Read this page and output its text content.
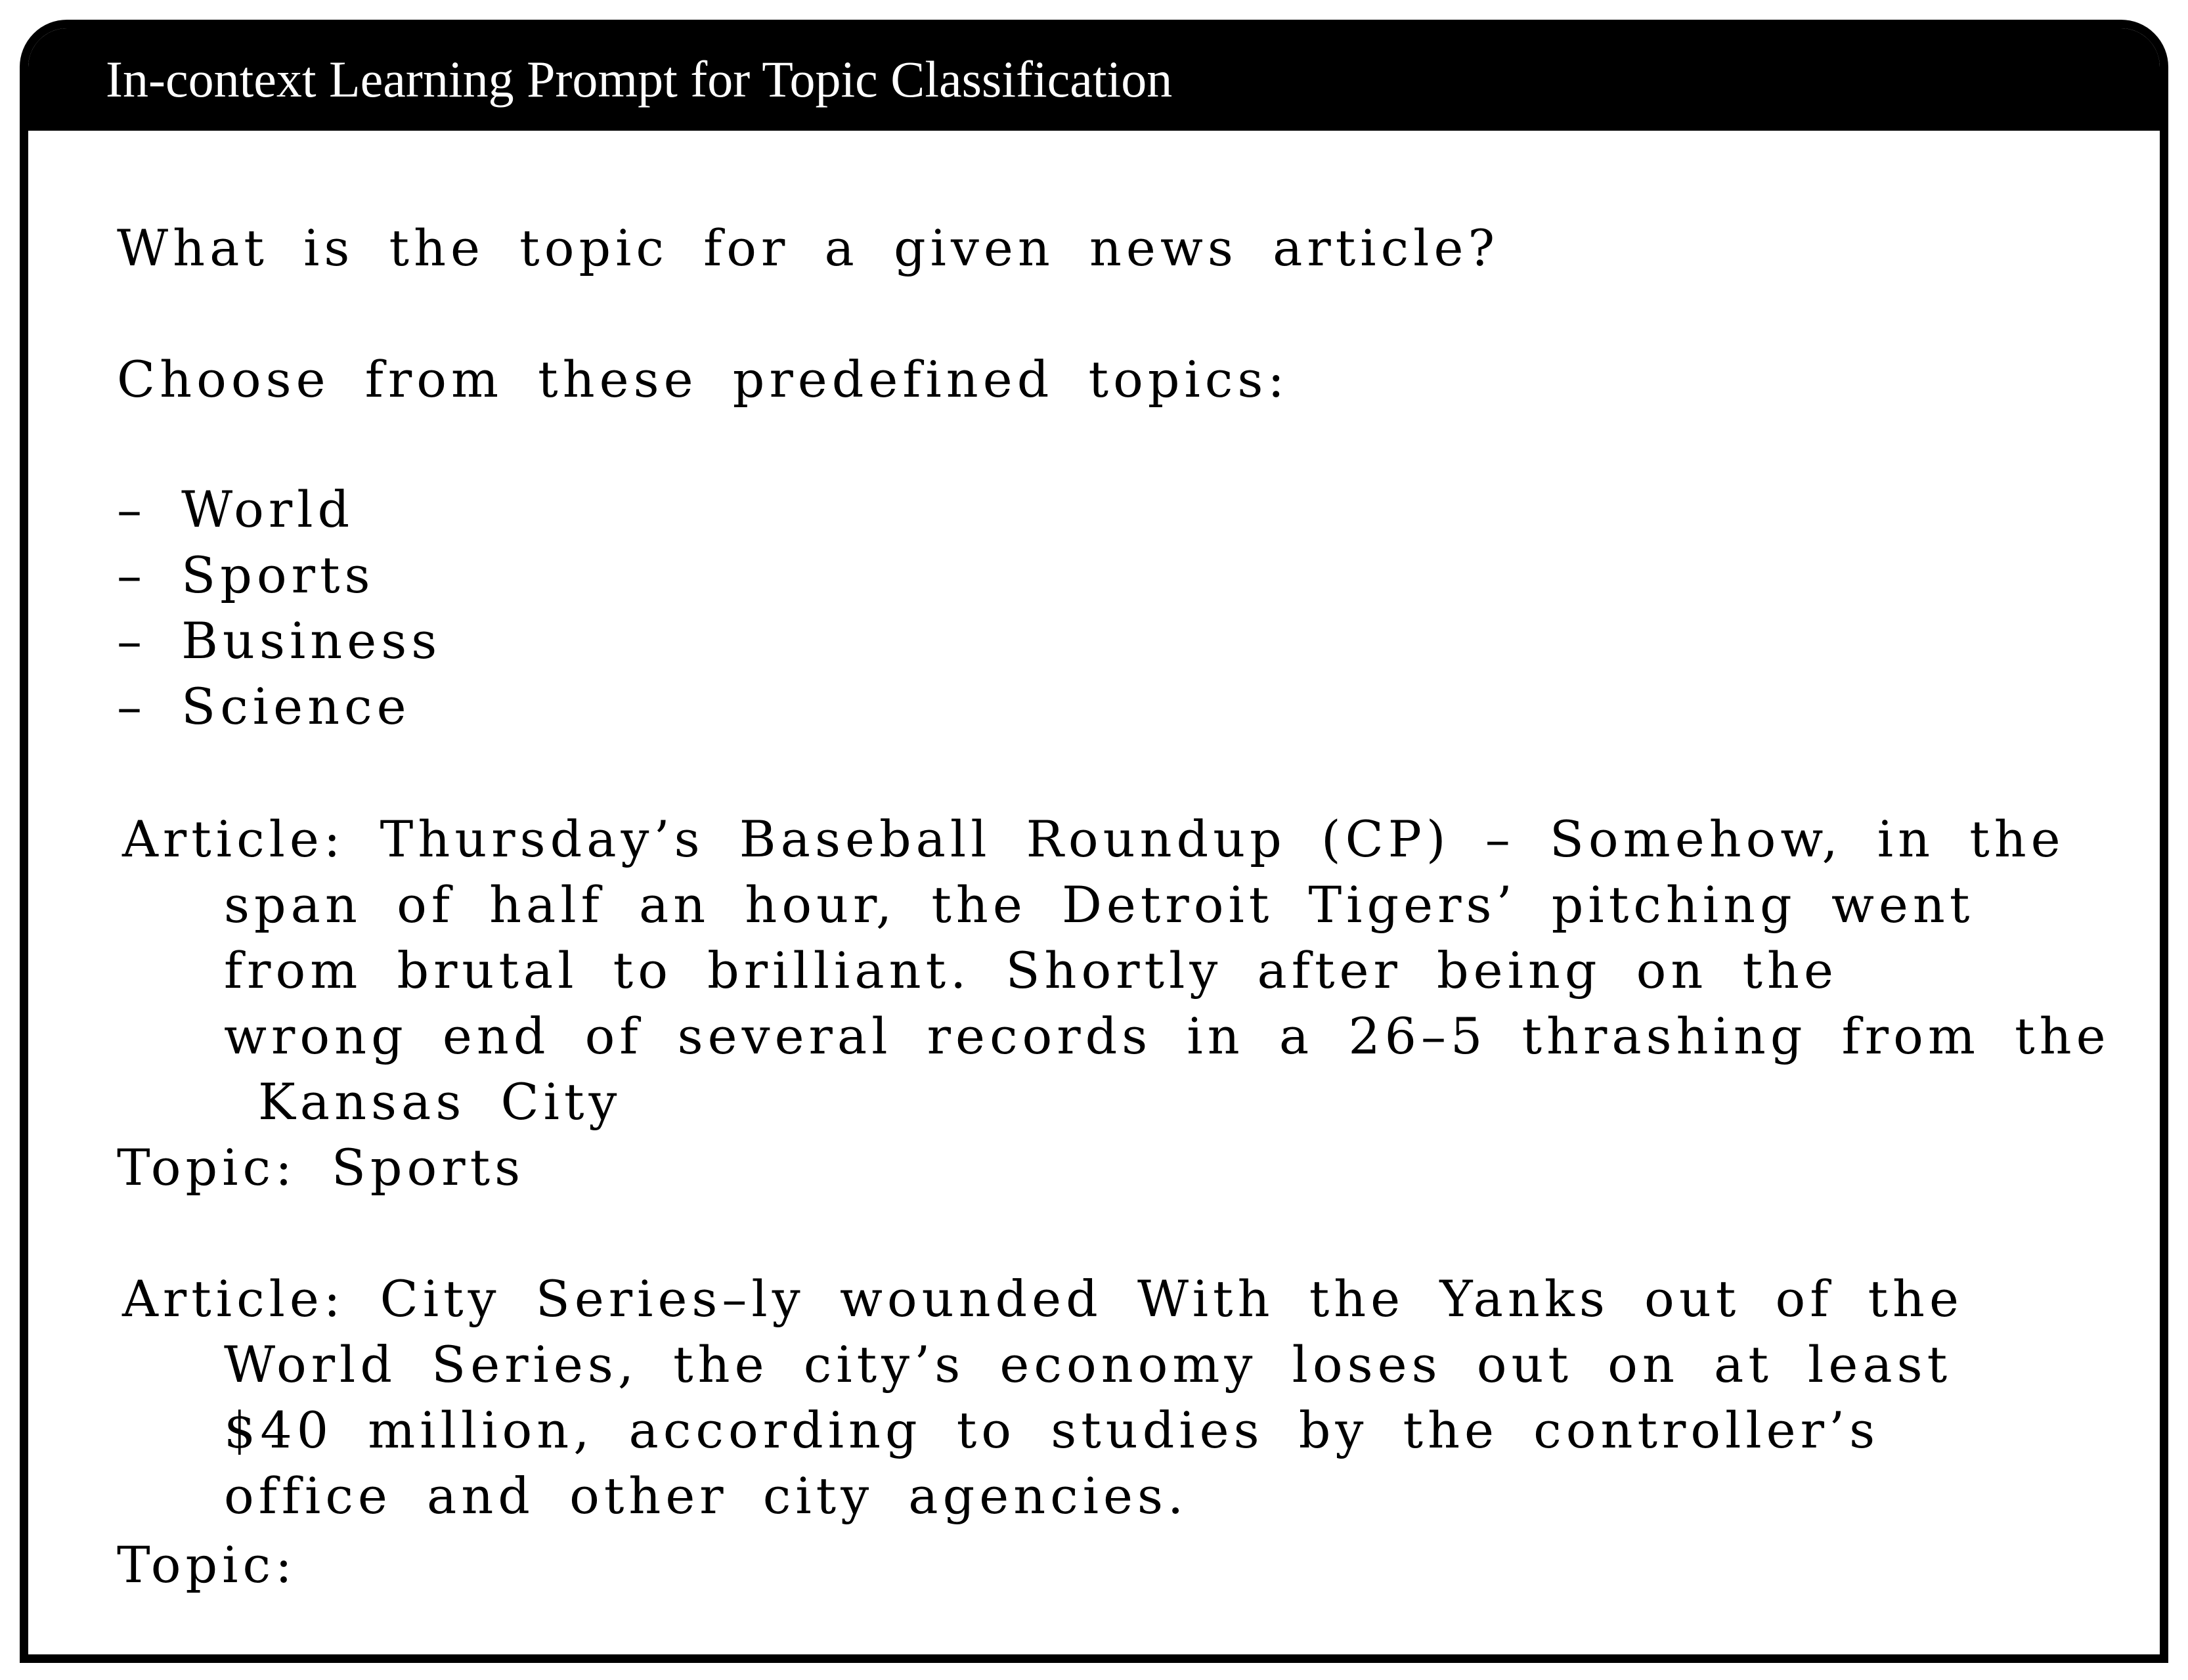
In-context Learning Prompt for Topic Classification
What is the topic for a given news article?
Choose from these predefined topics:
– World
– Sports
– Business
– Science
Article: Thursday’s Baseball Roundup (CP) – Somehow, in the
span of half an hour, the Detroit Tigers’ pitching went
from brutal to brilliant. Shortly after being on the
wrong end of several records in a 26–5 thrashing from the
Kansas City
Topic: Sports
Article: City Series–ly wounded With the Yanks out of the
World Series, the city’s economy loses out on at least
$40 million, according to studies by the controller’s
office and other city agencies.
Topic:
